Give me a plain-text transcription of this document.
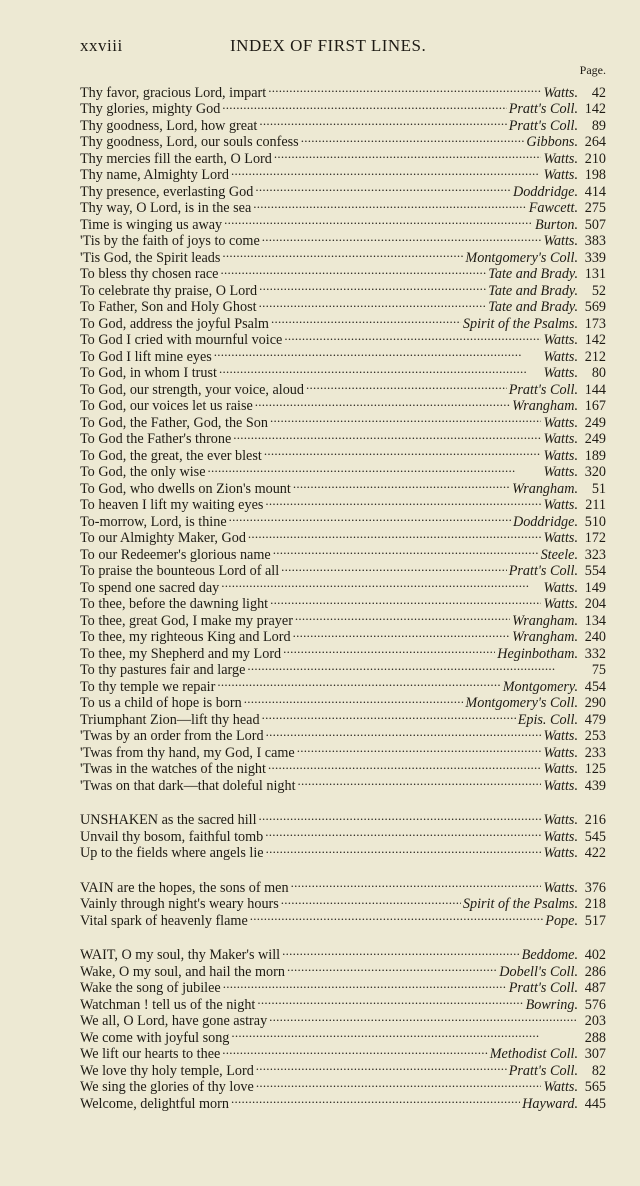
xxviii	INDEX OF FIRST LINES.
Page.
Thy favor, gracious Lord, impart . . .	Watts. 42
Thy glories, mighty God . . .	Pratt's Coll. 142
Thy goodness, Lord, how great . . .	Pratt's Coll. 89
Thy goodness, Lord, our souls confess . . .	Gibbons. 264
Thy mercies fill the earth, O Lord . . .	Watts. 210
Thy name, Almighty Lord . . .	Watts. 198
Thy presence, everlasting God . . .	Doddridge. 414
Thy way, O Lord, is in the sea . . .	Fawcett. 275
Time is winging us away . . .	Burton. 507
'Tis by the faith of joys to come . . .	Watts. 383
'Tis God, the Spirit leads . . .	Montgomery's Coll. 339
To bless thy chosen race . . .	Tate and Brady. 131
To celebrate thy praise, O Lord . . .	Tate and Brady. 52
To Father, Son and Holy Ghost . . .	Tate and Brady. 569
To God, address the joyful Psalm . . .	Spirit of the Psalms. 173
To God I cried with mournful voice . . .	Watts. 142
To God I lift mine eyes . . .	Watts. 212
To God, in whom I trust . . .	Watts. 80
To God, our strength, your voice, aloud . . .	Pratt's Coll. 144
To God, our voices let us raise . . .	Wrangham. 167
To God, the Father, God, the Son . . .	Watts. 249
To God the Father's throne . . .	Watts. 249
To God, the great, the ever blest . . .	Watts. 189
To God, the only wise . . .	Watts. 320
To God, who dwells on Zion's mount . . .	Wrangham. 51
To heaven I lift my waiting eyes . . .	Watts. 211
To-morrow, Lord, is thine . . .	Doddridge. 510
To our Almighty Maker, God . . .	Watts. 172
To our Redeemer's glorious name . . .	Steele. 323
To praise the bounteous Lord of all . . .	Pratt's Coll. 554
To spend one sacred day . . .	Watts. 149
To thee, before the dawning light . . .	Watts. 204
To thee, great God, I make my prayer . . .	Wrangham. 134
To thee, my righteous King and Lord . . .	Wrangham. 240
To thee, my Shepherd and my Lord . . .	Heginbotham. 332
To thy pastures fair and large . . .	75
To thy temple we repair . . .	Montgomery. 454
To us a child of hope is born . . .	Montgomery's Coll. 290
Triumphant Zion—lift thy head . . .	Epis. Coll. 479
'Twas by an order from the Lord . . .	Watts. 253
'Twas from thy hand, my God, I came . . .	Watts. 233
'Twas in the watches of the night . . .	Watts. 125
'Twas on that dark—that doleful night . . .	Watts. 439
UNSHAKEN as the sacred hill . . .	Watts. 216
Unvail thy bosom, faithful tomb . . .	Watts. 545
Up to the fields where angels lie . . .	Watts. 422
VAIN are the hopes, the sons of men . . .	Watts. 376
Vainly through night's weary hours . . .	Spirit of the Psalms. 218
Vital spark of heavenly flame . . .	Pope. 517
WAIT, O my soul, thy Maker's will . . .	Beddome. 402
Wake, O my soul, and hail the morn . . .	Dobell's Coll. 286
Wake the song of jubilee . . .	Pratt's Coll. 487
Watchman ! tell us of the night . . .	Bowring. 576
We all, O Lord, have gone astray . . .	203
We come with joyful song . . .	288
We lift our hearts to thee . . .	Methodist Coll. 307
We love thy holy temple, Lord . . .	Pratt's Coll. 82
We sing the glories of thy love . . .	Watts. 565
Welcome, delightful morn . . .	Hayward. 445
